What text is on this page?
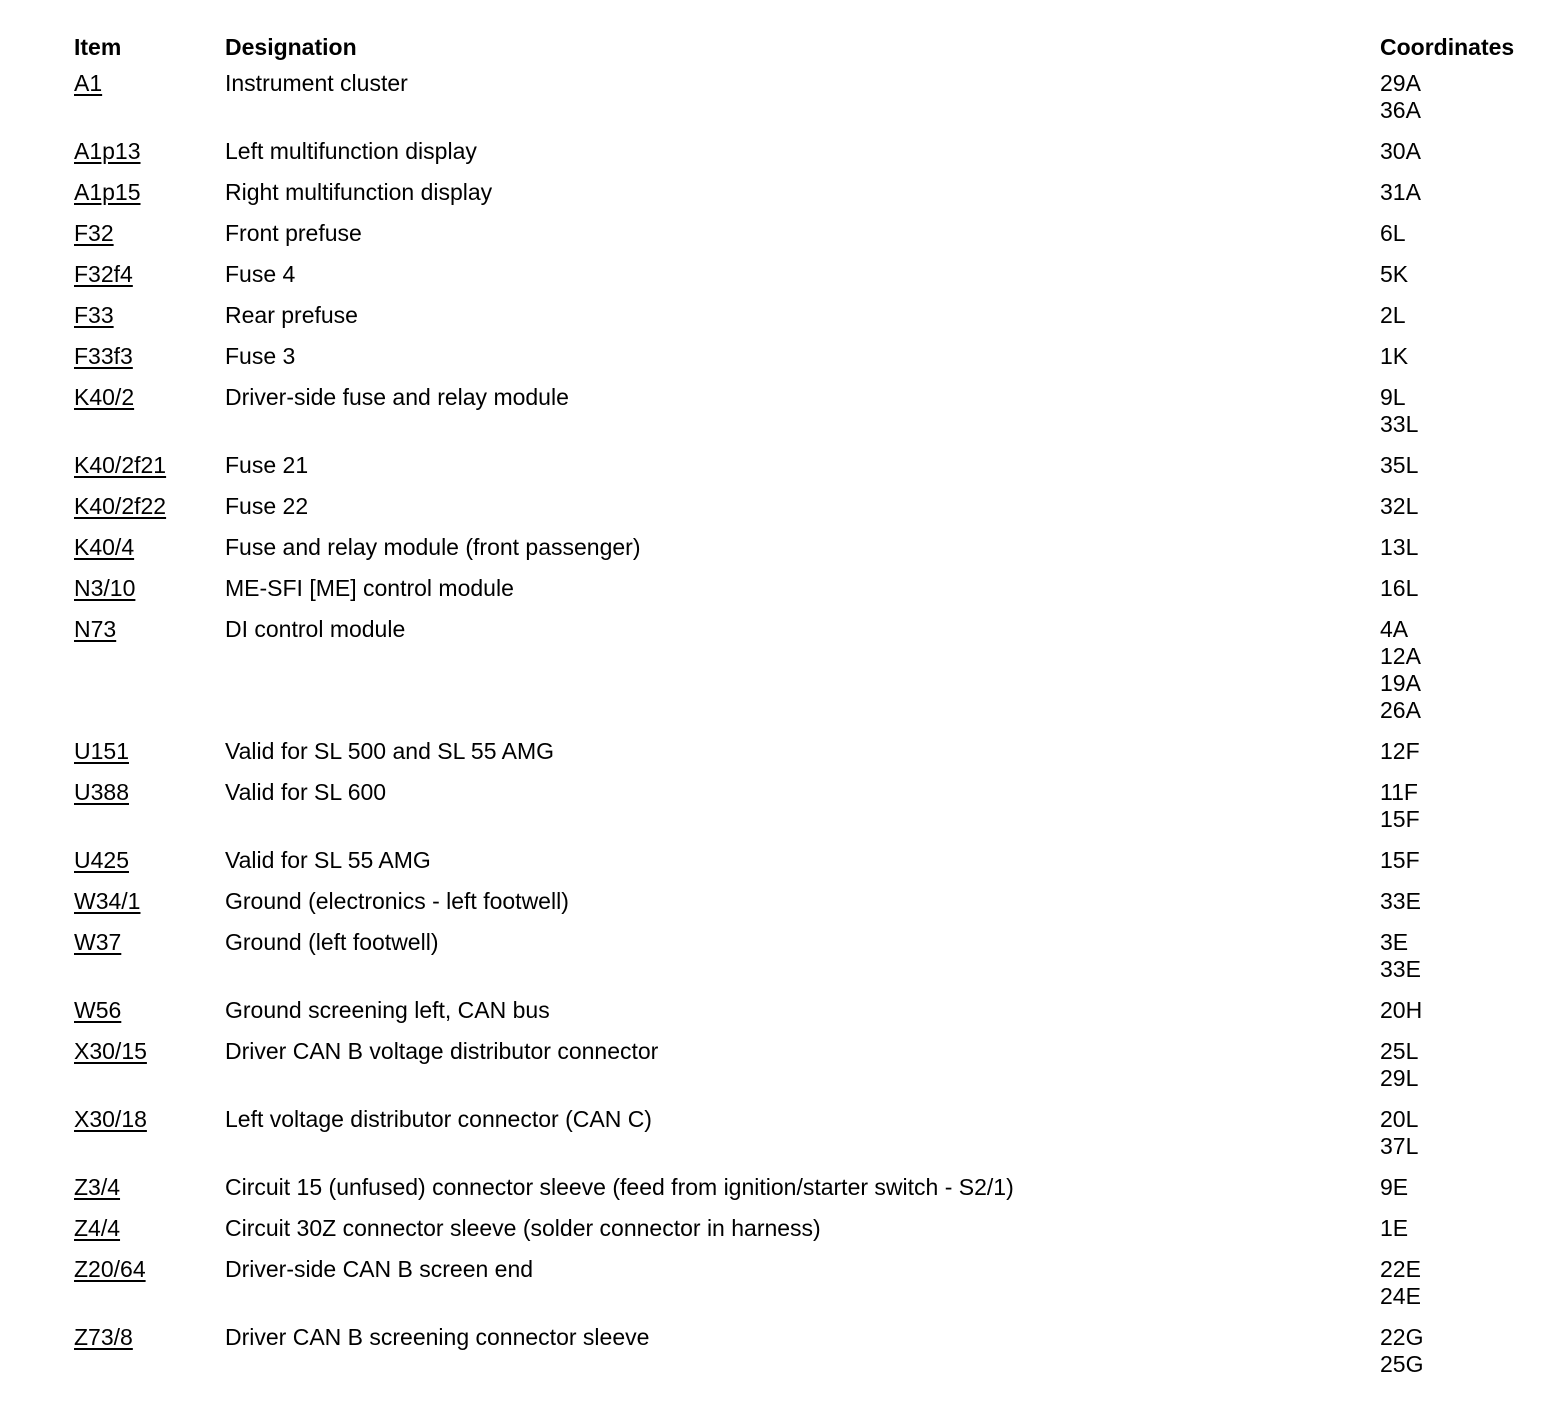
Item	Designation	Coordinates
A1	Instrument cluster	29A
36A
A1p13	Left multifunction display	30A
A1p15	Right multifunction display	31A
F32	Front prefuse	6L
F32f4	Fuse 4	5K
F33	Rear prefuse	2L
F33f3	Fuse 3	1K
K40/2	Driver-side fuse and relay module	9L
33L
K40/2f21	Fuse 21	35L
K40/2f22	Fuse 22	32L
K40/4	Fuse and relay module (front passenger)	13L
N3/10	ME-SFI [ME] control module	16L
N73	DI control module	4A
12A
19A
26A
U151	Valid for SL 500 and SL 55 AMG	12F
U388	Valid for SL 600	11F
15F
U425	Valid for SL 55 AMG	15F
W34/1	Ground (electronics - left footwell)	33E
W37	Ground (left footwell)	3E
33E
W56	Ground screening left, CAN bus	20H
X30/15	Driver CAN B voltage distributor connector	25L
29L
X30/18	Left voltage distributor connector (CAN C)	20L
37L
Z3/4	Circuit 15 (unfused) connector sleeve (feed from ignition/starter switch - S2/1)	9E
Z4/4	Circuit 30Z connector sleeve (solder connector in harness)	1E
Z20/64	Driver-side CAN B screen end	22E
24E
Z73/8	Driver CAN B screening connector sleeve	22G
25G
